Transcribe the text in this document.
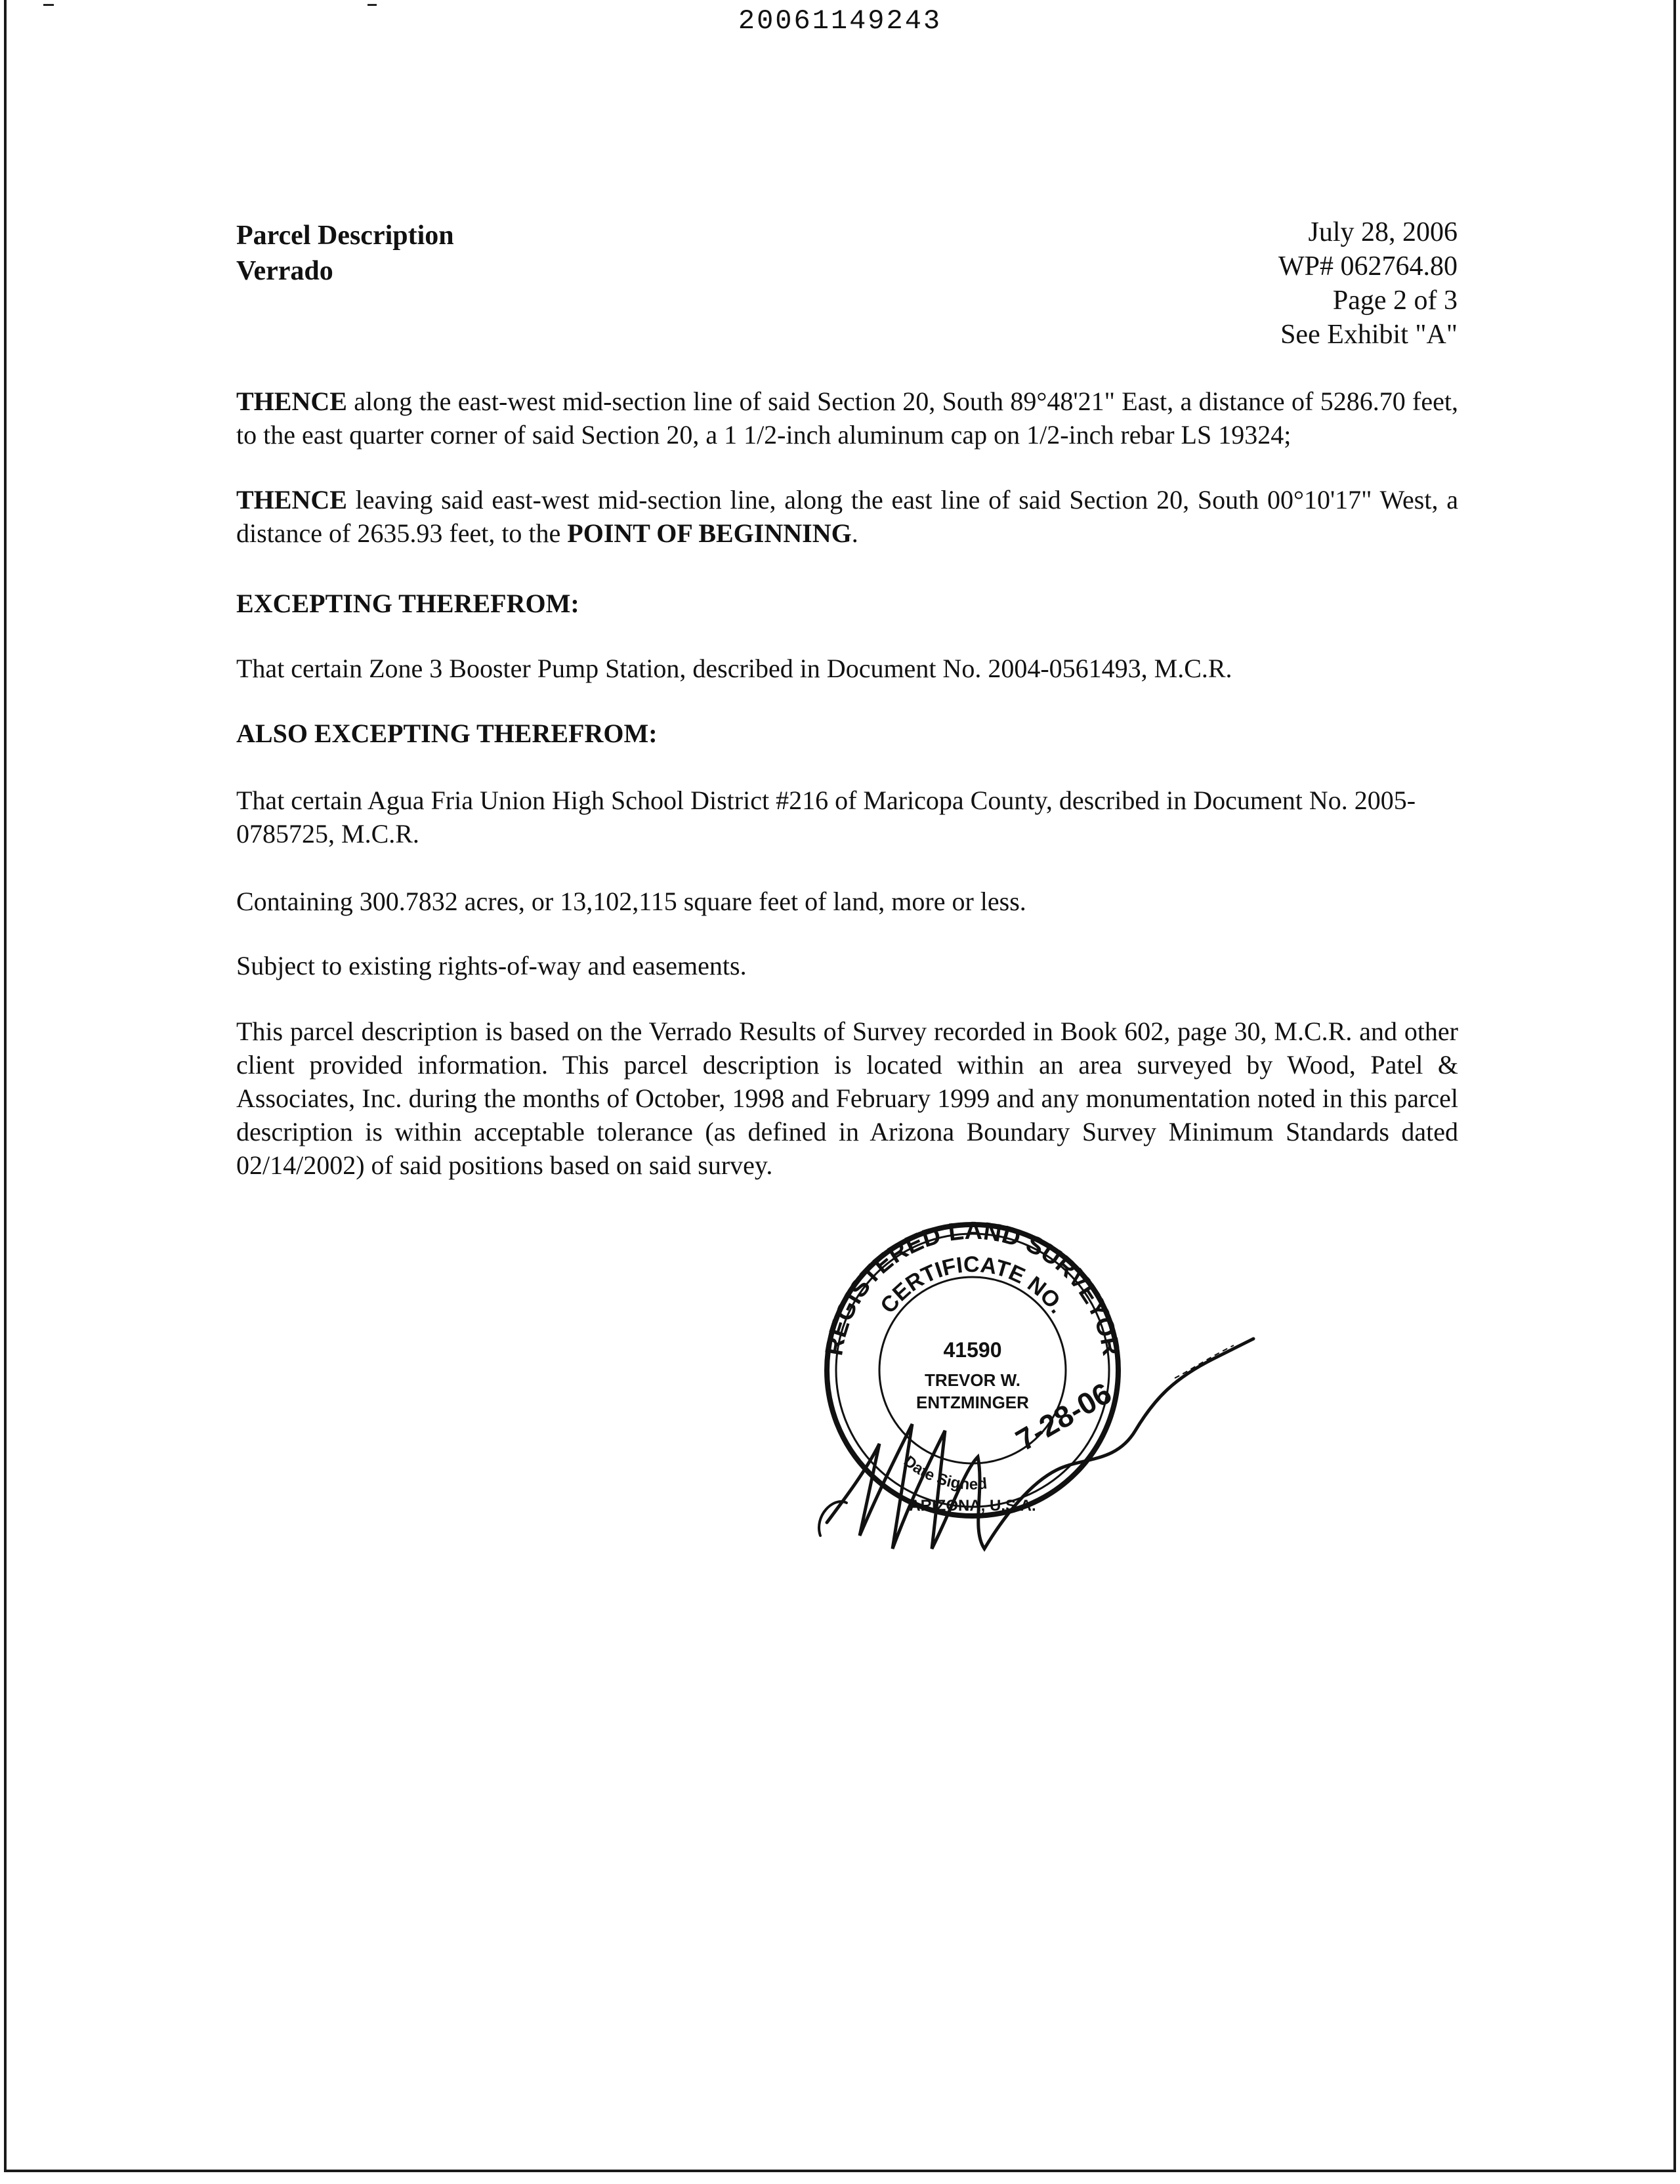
20061149243
Parcel Description
Verrado
July 28, 2006
WP# 062764.80
Page 2 of 3
See Exhibit "A"
THENCE along the east-west mid-section line of said Section 20, South 89°48'21" East, a distance of 5286.70 feet, to the east quarter corner of said Section 20, a 1 1/2-inch aluminum cap on 1/2-inch rebar LS 19324;
THENCE leaving said east-west mid-section line, along the east line of said Section 20, South 00°10'17" West, a distance of 2635.93 feet, to the POINT OF BEGINNING.
EXCEPTING THEREFROM:
That certain Zone 3 Booster Pump Station, described in Document No. 2004-0561493, M.C.R.
ALSO EXCEPTING THEREFROM:
That certain Agua Fria Union High School District #216 of Maricopa County, described in Document No. 2005-0785725, M.C.R.
Containing 300.7832 acres, or 13,102,115 square feet of land, more or less.
Subject to existing rights-of-way and easements.
This parcel description is based on the Verrado Results of Survey recorded in Book 602, page 30, M.C.R. and other client provided information. This parcel description is located within an area surveyed by Wood, Patel & Associates, Inc. during the months of October, 1998 and February 1999 and any monumentation noted in this parcel description is within acceptable tolerance (as defined in Arizona Boundary Survey Minimum Standards dated 02/14/2002) of said positions based on said survey.
REGISTERED LAND SURVEYOR
CERTIFICATE NO.
41590
TREVOR W.
ENTZMINGER
Date Signed
7-28-06
ARIZONA, U.S.A.
